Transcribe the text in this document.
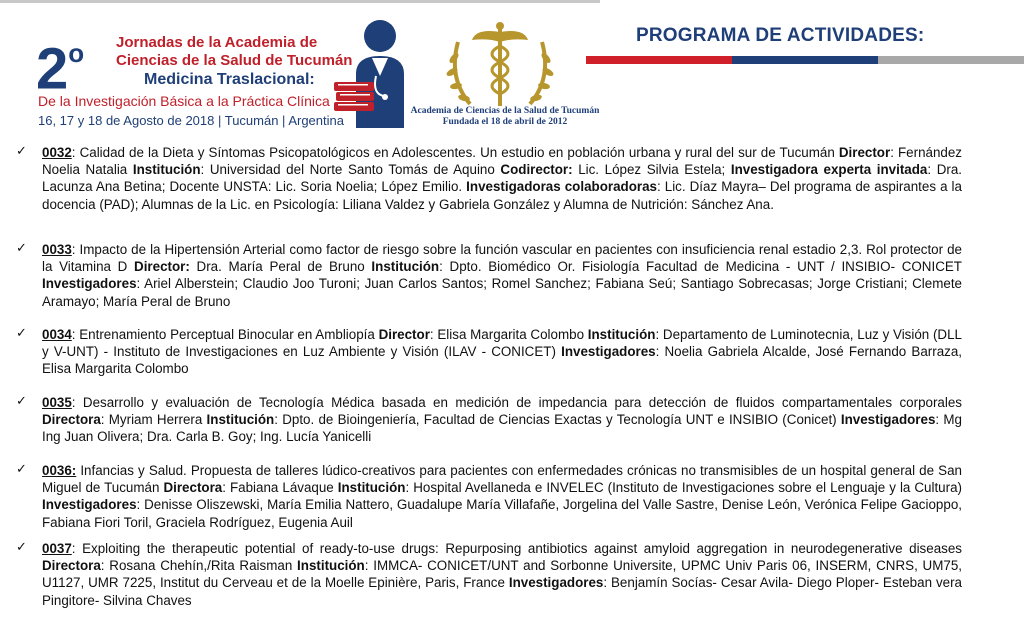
2$^o$ Jornadas de la Academia de
Ciencias de la Salud de Tucumán
Medicina Traslacional:
De la Investigación Básica a la Práctica Clínica
16, 17 y 18 de Agosto de 2018 | Tucumán | Argentina
Academia de Ciencias de la Salud de Tucumán
Fundada el 18 de abril de 2012
PROGRAMA DE ACTIVIDADES:
✓ 0032: Calidad de la Dieta y Síntomas Psicopatológicos en Adolescentes. Un estudio en población urbana y rural del sur de Tucumán Director: Fernández Noelia Natalia Institución: Universidad del Norte Santo Tomás de Aquino Codirector: Lic. López Silvia Estela; Investigadora experta invitada: Dra. Lacunza Ana Betina; Docente UNSTA: Lic. Soria Noelia; López Emilio. Investigadoras colaboradoras: Lic. Díaz Mayra– Del programa de aspirantes a la docencia (PAD); Alumnas de la Lic. en Psicología: Liliana Valdez y Gabriela González y Alumna de Nutrición: Sánchez Ana.
✓ 0033: Impacto de la Hipertensión Arterial como factor de riesgo sobre la función vascular en pacientes con insuficiencia renal estadio 2,3. Rol protector de la Vitamina D Director: Dra. María Peral de Bruno Institución: Dpto. Biomédico Or. Fisiología Facultad de Medicina - UNT / INSIBIO- CONICET Investigadores: Ariel Alberstein; Claudio Joo Turoni; Juan Carlos Santos; Romel Sanchez; Fabiana Seú; Santiago Sobrecasas; Jorge Cristiani; Clemete Aramayo; María Peral de Bruno
✓ 0034: Entrenamiento Perceptual Binocular en Ambliopía Director: Elisa Margarita Colombo Institución: Departamento de Luminotecnia, Luz y Visión (DLL y V-UNT) - Instituto de Investigaciones en Luz Ambiente y Visión (ILAV - CONICET) Investigadores: Noelia Gabriela Alcalde, José Fernando Barraza, Elisa Margarita Colombo
✓ 0035: Desarrollo y evaluación de Tecnología Médica basada en medición de impedancia para detección de fluidos compartamentales corporales Directora: Myriam Herrera Institución: Dpto. de Bioingeniería, Facultad de Ciencias Exactas y Tecnología UNT e INSIBIO (Conicet) Investigadores: Mg Ing Juan Olivera; Dra. Carla B. Goy; Ing. Lucía Yanicelli
✓ 0036: Infancias y Salud. Propuesta de talleres lúdico-creativos para pacientes con enfermedades crónicas no transmisibles de un hospital general de San Miguel de Tucumán Directora: Fabiana Lávaque Institución: Hospital Avellaneda e INVELEC (Instituto de Investigaciones sobre el Lenguaje y la Cultura) Investigadores: Denisse Oliszewski, María Emilia Nattero, Guadalupe María Villafañe, Jorgelina del Valle Sastre, Denise León, Verónica Felipe Gacioppo, Fabiana Fiori Toril, Graciela Rodríguez, Eugenia Auil
✓ 0037: Exploiting the therapeutic potential of ready-to-use drugs: Repurposing antibiotics against amyloid aggregation in neurodegenerative diseases Directora: Rosana Chehín,/Rita Raisman Institución: IMMCA- CONICET/UNT and Sorbonne Universite, UPMC Univ Paris 06, INSERM, CNRS, UM75, U1127, UMR 7225, Institut du Cerveau et de la Moelle Epinière, Paris, France Investigadores: Benjamín Socías- Cesar Avila- Diego Ploper- Esteban vera Pingitore- Silvina Chaves
